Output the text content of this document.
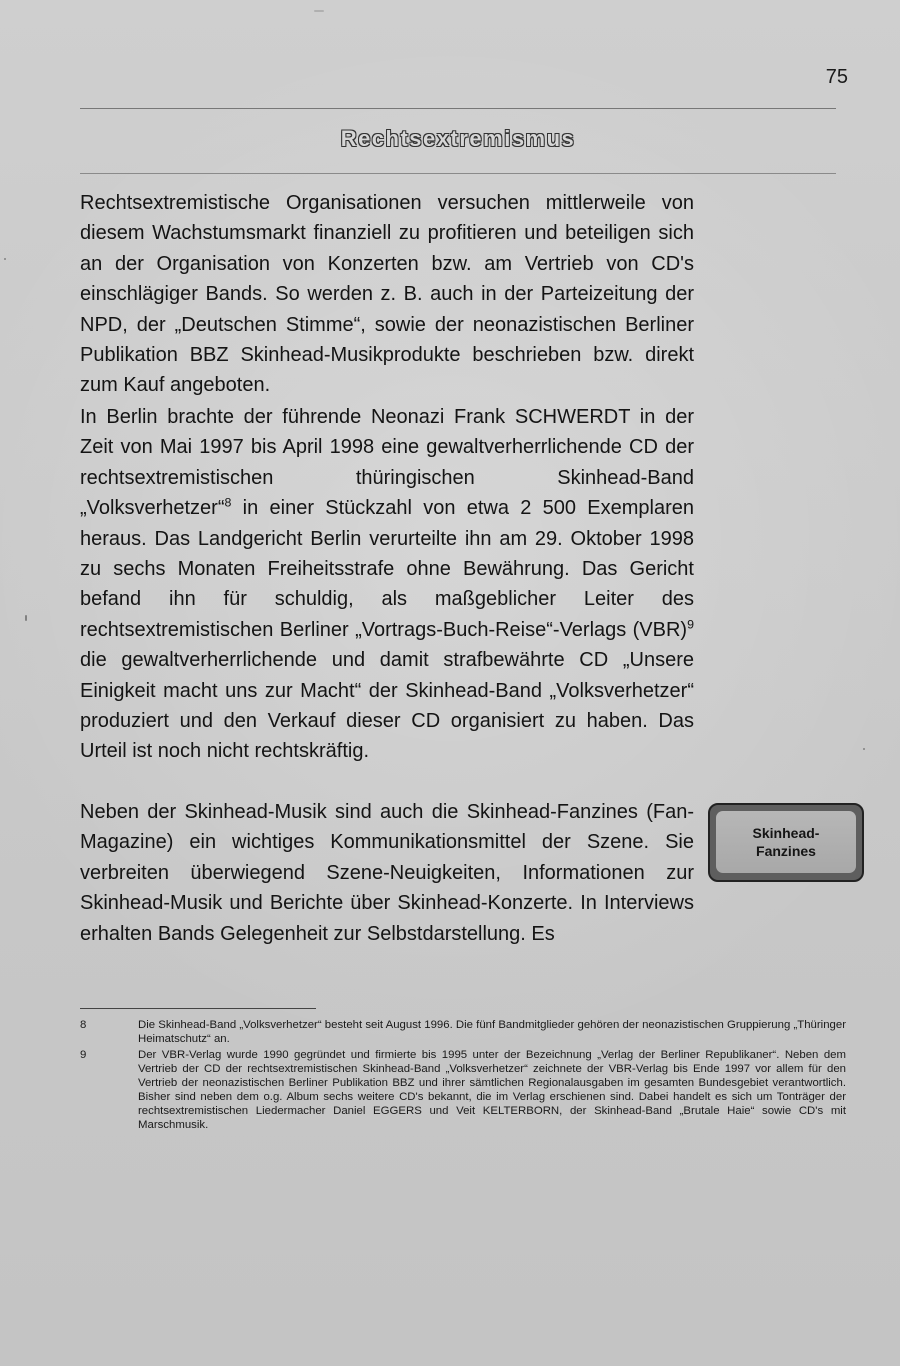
75
Rechtsextremismus

Rechtsextremistische Organisationen versuchen mittlerweile von diesem Wachstumsmarkt finanziell zu profitieren und beteiligen sich an der Organisation von Konzerten bzw. am Vertrieb von CD's einschlägiger Bands. So werden z. B. auch in der Parteizeitung der NPD, der „Deutschen Stimme“, sowie der neonazistischen Berliner Publikation BBZ Skinhead-Musikprodukte beschrieben bzw. direkt zum Kauf angeboten.

In Berlin brachte der führende Neonazi Frank SCHWERDT in der Zeit von Mai 1997 bis April 1998 eine gewaltverherrlichende CD der rechtsextremistischen thüringischen Skinhead-Band „Volksverhetzer“$^8$ in einer Stückzahl von etwa 2 500 Exemplaren heraus. Das Landgericht Berlin verurteilte ihn am 29. Oktober 1998 zu sechs Monaten Freiheitsstrafe ohne Bewährung. Das Gericht befand ihn für schuldig, als maßgeblicher Leiter des rechtsextremistischen Berliner „Vortrags-Buch-Reise“-Verlags (VBR)$^9$ die gewaltverherrlichende und damit strafbewährte CD „Unsere Einigkeit macht uns zur Macht“ der Skinhead-Band „Volksverhetzer“ produziert und den Verkauf dieser CD organisiert zu haben. Das Urteil ist noch nicht rechtskräftig.

Neben der Skinhead-Musik sind auch die Skinhead-Fanzines (Fan-Magazine) ein wichtiges Kommunikationsmittel der Szene. Sie verbreiten überwiegend Szene-Neuigkeiten, Informationen zur Skinhead-Musik und Berichte über Skinhead-Konzerte. In Interviews erhalten Bands Gelegenheit zur Selbstdarstellung. Es

Skinhead-
Fanzines
8	Die Skinhead-Band „Volksverhetzer“ besteht seit August 1996. Die fünf Bandmitglieder gehören der neonazistischen Gruppierung „Thüringer Heimatschutz“ an.
9	Der VBR-Verlag wurde 1990 gegründet und firmierte bis 1995 unter der Bezeichnung „Verlag der Berliner Republikaner“. Neben dem Vertrieb der CD der rechtsextremistischen Skinhead-Band „Volksverhetzer“ zeichnete der VBR-Verlag bis Ende 1997 vor allem für den Vertrieb der neonazistischen Berliner Publikation BBZ und ihrer sämtlichen Regionalausgaben im gesamten Bundesgebiet verantwortlich. Bisher sind neben dem o.g. Album sechs weitere CD's bekannt, die im Verlag erschienen sind. Dabei handelt es sich um Tonträger der rechtsextremistischen Liedermacher Daniel EGGERS und Veit KELTERBORN, der Skinhead-Band „Brutale Haie“ sowie CD's mit Marschmusik.
